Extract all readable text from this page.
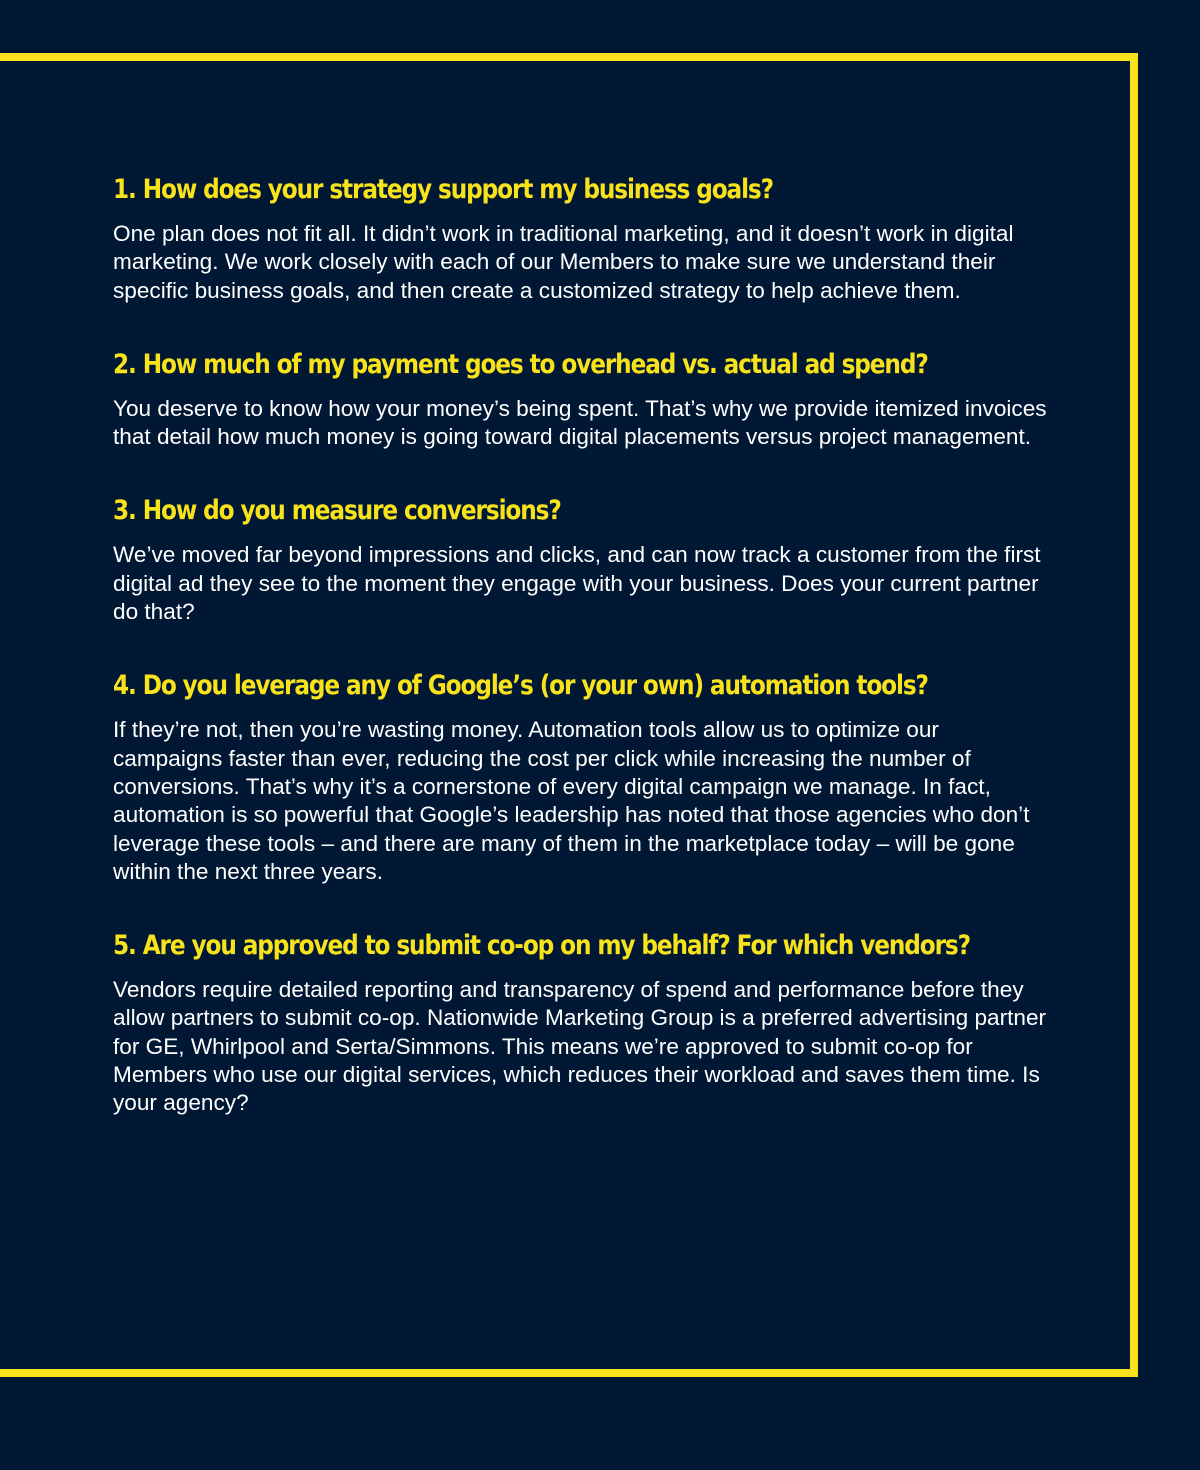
1. How does your strategy support my business goals?

One plan does not fit all. It didn’t work in traditional marketing, and it doesn’t work in digital marketing. We work closely with each of our Members to make sure we understand their specific business goals, and then create a customized strategy to help achieve them.

2. How much of my payment goes to overhead vs. actual ad spend?

You deserve to know how your money’s being spent. That’s why we provide itemized invoices that detail how much money is going toward digital placements versus project management.

3. How do you measure conversions?

We’ve moved far beyond impressions and clicks, and can now track a customer from the first digital ad they see to the moment they engage with your business. Does your current partner do that?

4. Do you leverage any of Google’s (or your own) automation tools?

If they’re not, then you’re wasting money. Automation tools allow us to optimize our campaigns faster than ever, reducing the cost per click while increasing the number of conversions. That’s why it’s a cornerstone of every digital campaign we manage. In fact, automation is so powerful that Google’s leadership has noted that those agencies who don’t leverage these tools – and there are many of them in the marketplace today – will be gone within the next three years.

5. Are you approved to submit co-op on my behalf? For which vendors?

Vendors require detailed reporting and transparency of spend and performance before they allow partners to submit co-op. Nationwide Marketing Group is a preferred advertising partner for GE, Whirlpool and Serta/Simmons. This means we’re approved to submit co-op for Members who use our digital services, which reduces their workload and saves them time. Is your agency?
